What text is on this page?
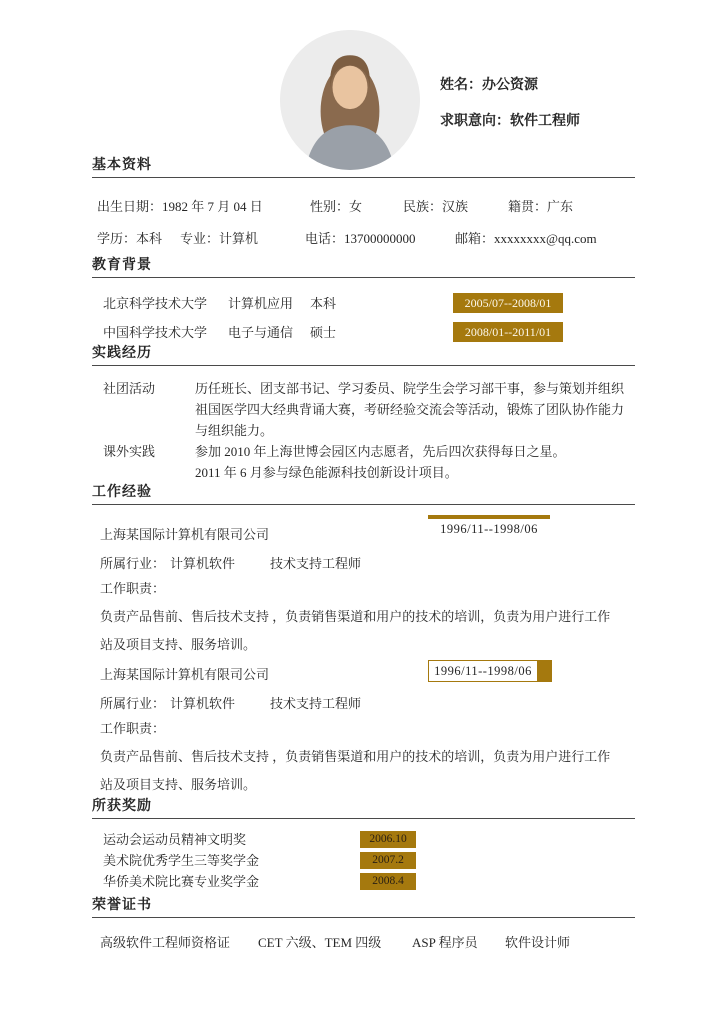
姓名：办公资源
求职意向：软件工程师
基本资料
出生日期：1982 年 7 月 04 日	性别：女	民族：汉族	籍贯：广东
学历：本科 专业：计算机	电话：13700000000	邮箱：xxxxxxxx@qq.com
教育背景
北京科学技术大学 计算机应用 本科	2005/07--2008/01
中国科学技术大学 电子与通信 硕士	2008/01--2011/01
实践经历
社团活动	历任班长、团支部书记、学习委员、院学生会学习部干事，参与策划并组织祖国医学四大经典背诵大赛，考研经验交流会等活动，锻炼了团队协作能力与组织能力。
课外实践	参加 2010 年上海世博会园区内志愿者，先后四次获得每日之星。
2011 年 6 月参与绿色能源科技创新设计项目。
工作经验
上海某国际计算机有限司公司	1996/11--1998/06
所属行业： 计算机软件	技术支持工程师
工作职责：
负责产品售前、售后技术支持 ，负责销售渠道和用户的技术的培训，负责为用户进行工作站及项目支持、服务培训。
上海某国际计算机有限司公司	1996/11--1998/06
所属行业： 计算机软件	技术支持工程师
工作职责：
负责产品售前、售后技术支持 ，负责销售渠道和用户的技术的培训，负责为用户进行工作站及项目支持、服务培训。
所获奖励
运动会运动员精神文明奖	2006.10
美术院优秀学生三等奖学金	2007.2
华侨美术院比赛专业奖学金	2008.4
荣誉证书
高级软件工程师资格证 CET 六级、TEM 四级 ASP 程序员 软件设计师
